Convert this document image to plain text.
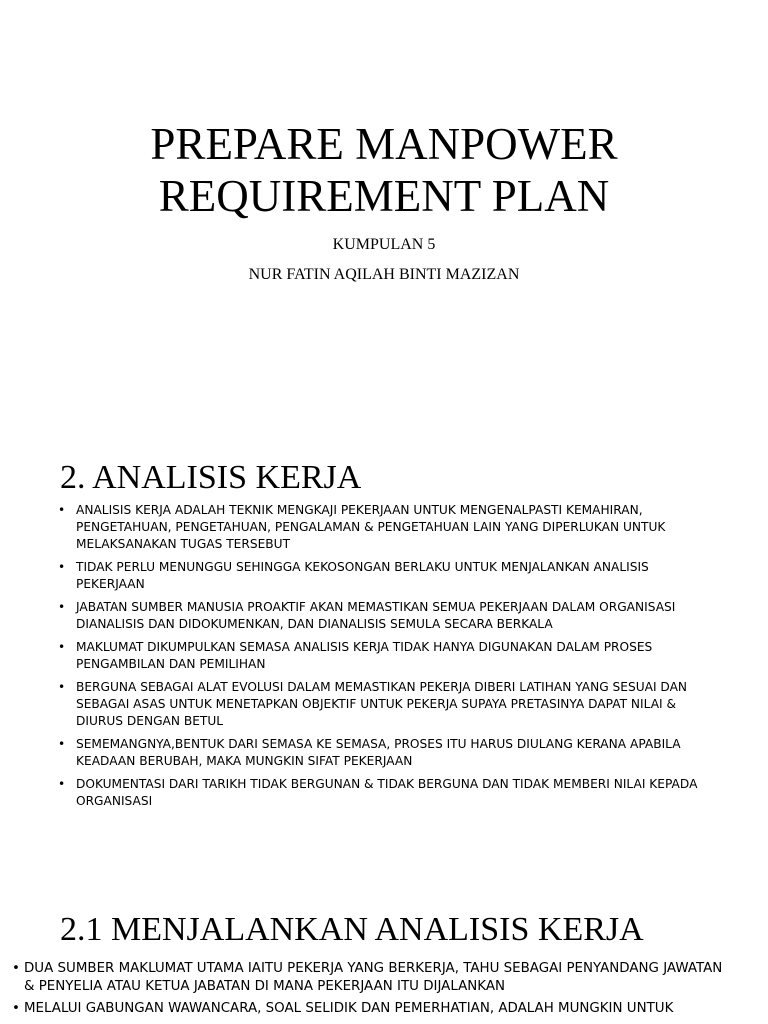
PREPARE MANPOWER
REQUIREMENT PLAN
KUMPULAN 5
NUR FATIN AQILAH BINTI MAZIZAN
2. ANALISIS KERJA
• ANALISIS KERJA ADALAH TEKNIK MENGKAJI PEKERJAAN UNTUK MENGENALPASTI KEMAHIRAN, PENGETAHUAN, PENGETAHUAN, PENGALAMAN & PENGETAHUAN LAIN YANG DIPERLUKAN UNTUK MELAKSANAKAN TUGAS TERSEBUT
• TIDAK PERLU MENUNGGU SEHINGGA KEKOSONGAN BERLAKU UNTUK MENJALANKAN ANALISIS PEKERJAAN
• JABATAN SUMBER MANUSIA PROAKTIF AKAN MEMASTIKAN SEMUA PEKERJAAN DALAM ORGANISASI DIANALISIS DAN DIDOKUMENKAN, DAN DIANALISIS SEMULA SECARA BERKALA
• MAKLUMAT DIKUMPULKAN SEMASA ANALISIS KERJA TIDAK HANYA DIGUNAKAN DALAM PROSES PENGAMBILAN DAN PEMILIHAN
• BERGUNA SEBAGAI ALAT EVOLUSI DALAM MEMASTIKAN PEKERJA DIBERI LATIHAN YANG SESUAI DAN SEBAGAI ASAS UNTUK MENETAPKAN OBJEKTIF UNTUK PEKERJA SUPAYA PRETASINYA DAPAT NILAI & DIURUS DENGAN BETUL
• SEMEMANGNYA,BENTUK DARI SEMASA KE SEMASA, PROSES ITU HARUS DIULANG KERANA APABILA KEADAAN BERUBAH, MAKA MUNGKIN SIFAT PEKERJAAN
• DOKUMENTASI DARI TARIKH TIDAK BERGUNAN & TIDAK BERGUNA DAN TIDAK MEMBERI NILAI KEPADA ORGANISASI
2.1 MENJALANKAN ANALISIS KERJA
• DUA SUMBER MAKLUMAT UTAMA IAITU PEKERJA YANG BERKERJA, TAHU SEBAGAI PENYANDANG JAWATAN & PENYELIA ATAU KETUA JABATAN DI MANA PEKERJAAN ITU DIJALANKAN
• MELALUI GABUNGAN WAWANCARA, SOAL SELIDIK DAN PEMERHATIAN, ADALAH MUNGKIN UNTUK
